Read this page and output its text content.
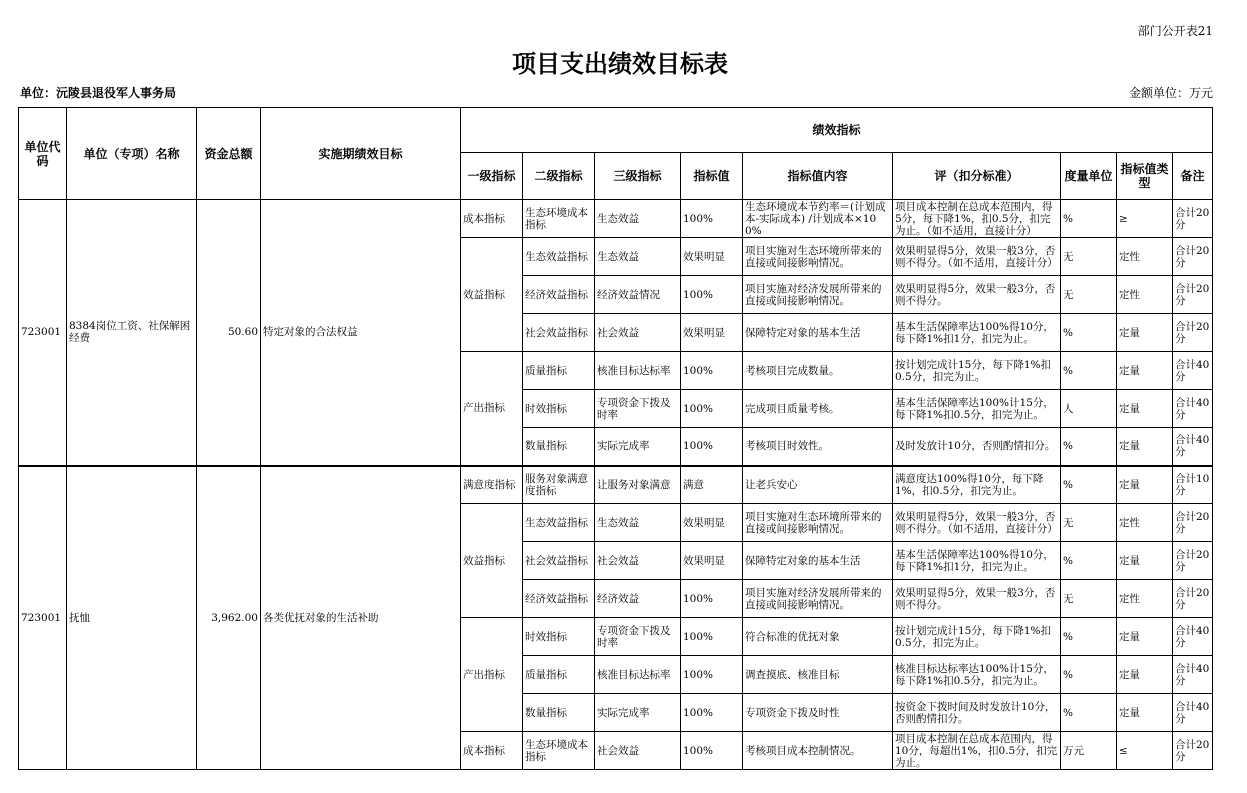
部门公开表21
项目支出绩效目标表
单位：沅陵县退役军人事务局	金额单位：万元
单位代码	单位（专项）名称	资金总额	实施期绩效目标	绩效指标								
				一级指标	二级指标	三级指标	指标值	指标值内容	评（扣分标准）	度量单位	指标值类型	备注
723001	8384岗位工资、社保解困经费	50.60	特定对象的合法权益	成本指标	生态环境成本指标	生态效益	100%	生态环境成本节约率＝(计划成本-实际成本) /计划成本×100%	项目成本控制在总成本范围内，得5分，每下降1%，扣0.5分，扣完为止。（如不适用，直接计分）	%	≥	合计20分
				效益指标	生态效益指标	生态效益	效果明显	项目实施对生态环境所带来的直接或间接影响情况。	效果明显得5分，效果一般3分，否则不得分。（如不适用，直接计分）	无	定性	合计20分
					经济效益指标	经济效益情况	100%	项目实施对经济发展所带来的直接或间接影响情况。	效果明显得5分，效果一般3分，否则不得分。	无	定性	合计20分
					社会效益指标	社会效益	效果明显	保障特定对象的基本生活	基本生活保障率达100%得10分，每下降1%扣1分，扣完为止。	%	定量	合计20分
				产出指标	质量指标	核准目标达标率	100%	考核项目完成数量。	按计划完成计15分，每下降1%扣0.5分，扣完为止。	%	定量	合计40分
					时效指标	专项资金下拨及时率	100%	完成项目质量考核。	基本生活保障率达100%计15分，每下降1%扣0.5分，扣完为止。	人	定量	合计40分
					数量指标	实际完成率	100%	考核项目时效性。	及时发放计10分，否则酌情扣分。	%	定量	合计40分
723001	抚恤	3,962.00	各类优抚对象的生活补助	满意度指标	服务对象满意度指标	让服务对象满意	满意	让老兵安心	满意度达100%得10分，每下降1%，扣0.5分，扣完为止。	%	定量	合计10分
				效益指标	生态效益指标	生态效益	效果明显	项目实施对生态环境所带来的直接或间接影响情况。	效果明显得5分，效果一般3分，否则不得分。（如不适用，直接计分）	无	定性	合计20分
					社会效益指标	社会效益	效果明显	保障特定对象的基本生活	基本生活保障率达100%得10分，每下降1%扣1分，扣完为止。	%	定量	合计20分
					经济效益指标	经济效益	100%	项目实施对经济发展所带来的直接或间接影响情况。	效果明显得5分，效果一般3分，否则不得分。	无	定性	合计20分
				产出指标	时效指标	专项资金下拨及时率	100%	符合标准的优抚对象	按计划完成计15分，每下降1%扣0.5分，扣完为止。	%	定量	合计40分
					质量指标	核准目标达标率	100%	调查摸底、核准目标	核准目标达标率达100%计15分，每下降1%扣0.5分，扣完为止。	%	定量	合计40分
					数量指标	实际完成率	100%	专项资金下拨及时性	按资金下拨时间及时发放计10分，否则酌情扣分。	%	定量	合计40分
				成本指标	生态环境成本指标	社会效益	100%	考核项目成本控制情况。	项目成本控制在总成本范围内，得10分，每超出1%，扣0.5分，扣完为止。	万元	≤	合计20分
